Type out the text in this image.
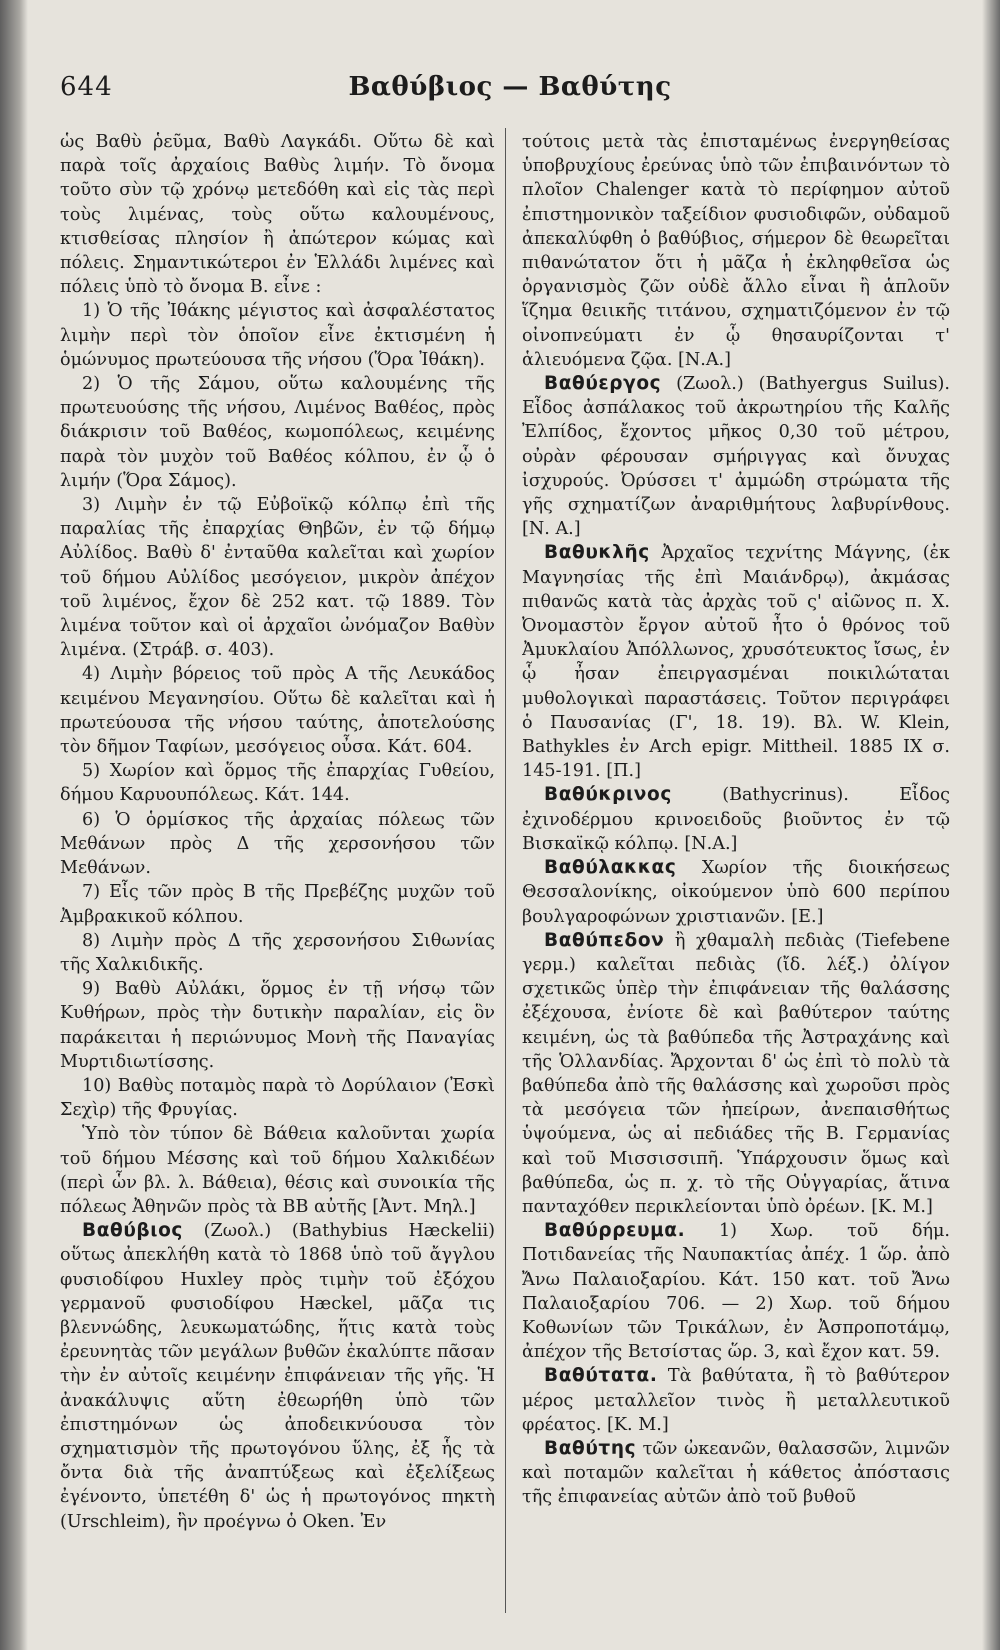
644	Βαθύβιος — Βαθύτης

ὡς Βαθὺ ῥεῦμα, Βαθὺ Λαγκάδι. Οὕτω δὲ καὶ παρὰ τοῖς ἀρχαίοις Βαθὺς λιμήν. Τὸ ὄνομα τοῦτο σὺν τῷ χρόνῳ μετεδόθη καὶ εἰς τὰς περὶ τοὺς λιμένας, τοὺς οὕτω καλουμένους, κτισθείσας πλησίον ἢ ἀπώτερον κώμας καὶ πόλεις. Σημαντικώτεροι ἐν Ἑλλάδι λιμένες καὶ πόλεις ὑπὸ τὸ ὄνομα Β. εἶνε :

1) Ὁ τῆς Ἰθάκης μέγιστος καὶ ἀσφαλέστατος λιμὴν περὶ τὸν ὁποῖον εἶνε ἐκτισμένη ἡ ὁμώνυμος πρωτεύουσα τῆς νήσου (Ὅρα Ἰθάκη).

2) Ὁ τῆς Σάμου, οὕτω καλουμένης τῆς πρωτευούσης τῆς νήσου, Λιμένος Βαθέος, πρὸς διάκρισιν τοῦ Βαθέος, κωμοπόλεως, κειμένης παρὰ τὸν μυχὸν τοῦ Βαθέος κόλπου, ἐν ᾧ ὁ λιμήν (Ὅρα Σάμος).

3) Λιμὴν ἐν τῷ Εὐβοϊκῷ κόλπῳ ἐπὶ τῆς παραλίας τῆς ἐπαρχίας Θηβῶν, ἐν τῷ δήμῳ Αὐλίδος. Βαθὺ δ' ἐνταῦθα καλεῖται καὶ χωρίον τοῦ δήμου Αὐλίδος μεσόγειον, μικρὸν ἀπέχον τοῦ λιμένος, ἔχον δὲ 252 κατ. τῷ 1889. Τὸν λιμένα τοῦτον καὶ οἱ ἀρχαῖοι ὠνόμαζον Βαθὺν λιμένα. (Στράβ. σ. 403).

4) Λιμὴν βόρειος τοῦ πρὸς Α τῆς Λευκάδος κειμένου Μεγανησίου. Οὕτω δὲ καλεῖται καὶ ἡ πρωτεύουσα τῆς νήσου ταύτης, ἀποτελούσης τὸν δῆμον Ταφίων, μεσόγειος οὖσα. Κάτ. 604.

5) Χωρίον καὶ ὅρμος τῆς ἐπαρχίας Γυθείου, δήμου Καρυουπόλεως. Κάτ. 144.

6) Ὁ ὁρμίσκος τῆς ἀρχαίας πόλεως τῶν Μεθάνων πρὸς Δ τῆς χερσονήσου τῶν Μεθάνων.

7) Εἷς τῶν πρὸς Β τῆς Πρεβέζης μυχῶν τοῦ Ἀμβρακικοῦ κόλπου.

8) Λιμὴν πρὸς Δ τῆς χερσονήσου Σιθωνίας τῆς Χαλκιδικῆς.

9) Βαθὺ Αὐλάκι, ὅρμος ἐν τῇ νήσῳ τῶν Κυθήρων, πρὸς τὴν δυτικὴν παραλίαν, εἰς ὃν παράκειται ἡ περιώνυμος Μονὴ τῆς Παναγίας Μυρτιδιωτίσσης.

10) Βαθὺς ποταμὸς παρὰ τὸ Δορύλαιον (Ἐσκὶ Σεχὶρ) τῆς Φρυγίας.

Ὑπὸ τὸν τύπον δὲ Βάθεια καλοῦνται χωρία τοῦ δήμου Μέσσης καὶ τοῦ δήμου Χαλκιδέων (περὶ ὧν βλ. λ. Βάθεια), θέσις καὶ συνοικία τῆς πόλεως Ἀθηνῶν πρὸς τὰ ΒΒ αὐτῆς [Ἀντ. Μηλ.]

Βαθύβιος (Ζωολ.) (Bathybius Hæckelii) οὕτως ἀπεκλήθη κατὰ τὸ 1868 ὑπὸ τοῦ ἄγγλου φυσιοδίφου Huxley πρὸς τιμὴν τοῦ ἐξόχου γερμανοῦ φυσιοδίφου Hæckel, μᾶζα τις βλεννώδης, λευκωματώδης, ἥτις κατὰ τοὺς ἐρευνητὰς τῶν μεγάλων βυθῶν ἐκαλύπτε πᾶσαν τὴν ἐν αὐτοῖς κειμένην ἐπιφάνειαν τῆς γῆς. Ἡ ἀνακάλυψις αὕτη ἐθεωρήθη ὑπὸ τῶν ἐπιστημόνων ὡς ἀποδεικνύουσα τὸν σχηματισμὸν τῆς πρωτογόνου ὕλης, ἐξ ἧς τὰ ὄντα διὰ τῆς ἀναπτύξεως καὶ ἐξελίξεως ἐγένοντο, ὑπετέθη δ' ὡς ἡ πρωτογόνος πηκτὴ (Urschleim), ἣν προέγνω ὁ Oken. Ἐν

τούτοις μετὰ τὰς ἐπισταμένως ἐνεργηθείσας ὑποβρυχίους ἐρεύνας ὑπὸ τῶν ἐπιβαινόντων τὸ πλοῖον Chalenger κατὰ τὸ περίφημον αὐτοῦ ἐπιστημονικὸν ταξείδιον φυσιοδιφῶν, οὐδαμοῦ ἀπεκαλύφθη ὁ βαθύβιος, σήμερον δὲ θεωρεῖται πιθανώτατον ὅτι ἡ μᾶζα ἡ ἐκληφθεῖσα ὡς ὀργανισμὸς ζῶν οὐδὲ ἄλλο εἶναι ἢ ἁπλοῦν ἵζημα θειικῆς τιτάνου, σχηματιζόμενον ἐν τῷ οἰνοπνεύματι ἐν ᾧ θησαυρίζονται τ' ἁλιευόμενα ζῷα. [Ν.Α.]

Βαθύεργος (Ζωολ.) (Bathyergus Suilus). Εἶδος ἀσπάλακος τοῦ ἀκρωτηρίου τῆς Καλῆς Ἐλπίδος, ἔχοντος μῆκος 0,30 τοῦ μέτρου, οὐρὰν φέρουσαν σμήριγγας καὶ ὄνυχας ἰσχυρούς. Ὀρύσσει τ' ἀμμώδη στρώματα τῆς γῆς σχηματίζων ἀναριθμήτους λαβυρίνθους. [Ν. Α.]

Βαθυκλῆς Ἀρχαῖος τεχνίτης Μάγνης, (ἐκ Μαγνησίας τῆς ἐπὶ Μαιάνδρῳ), ἀκμάσας πιθανῶς κατὰ τὰς ἀρχὰς τοῦ ς' αἰῶνος π. Χ. Ὀνομαστὸν ἔργον αὐτοῦ ἦτο ὁ θρόνος τοῦ Ἀμυκλαίου Ἀπόλλωνος, χρυσότευκτος ἴσως, ἐν ᾧ ἦσαν ἐπειργασμέναι ποικιλώταται μυθολογικαὶ παραστάσεις. Τοῦτον περιγράφει ὁ Παυσανίας (Γ', 18. 19). Βλ. W. Klein, Bathykles ἐν Arch epigr. Mittheil. 1885 IX σ. 145-191. [Π.]

Βαθύκρινος	(Bathycrinus). Εἶδος ἐχινοδέρμου κρινοειδοῦς βιοῦντος ἐν τῷ Βισκαϊκῷ κόλπῳ. [Ν.Α.]

Βαθύλακκας Χωρίον τῆς διοικήσεως Θεσσαλονίκης, οἰκούμενον ὑπὸ 600 περίπου βουλγαροφώνων χριστιανῶν. [Ε.]

Βαθύπεδον ἢ χθαμαλὴ πεδιὰς (Tiefebene γερμ.) καλεῖται πεδιὰς (ἴδ. λέξ.) ὀλίγον σχετικῶς ὑπὲρ τὴν ἐπιφάνειαν τῆς θαλάσσης ἐξέχουσα, ἐνίοτε δὲ καὶ βαθύτερον ταύτης κειμένη, ὡς τὰ βαθύπεδα τῆς Ἀστραχάνης καὶ τῆς Ὁλλανδίας. Ἄρχονται δ' ὡς ἐπὶ τὸ πολὺ τὰ βαθύπεδα ἀπὸ τῆς θαλάσσης καὶ χωροῦσι πρὸς τὰ μεσόγεια τῶν ἠπείρων, ἀνεπαισθήτως ὑψούμενα, ὡς αἱ πεδιάδες τῆς Β. Γερμανίας καὶ τοῦ Μισσισσιπῆ. Ὑπάρχουσιν ὅμως καὶ βαθύπεδα, ὡς π. χ. τὸ τῆς Οὑγγαρίας, ἅτινα πανταχόθεν περικλείονται ὑπὸ ὀρέων. [Κ. Μ.]

Βαθύρρευμα. 1) Χωρ. τοῦ δήμ. Ποτιδανείας τῆς Ναυπακτίας ἀπέχ. 1 ὥρ. ἀπὸ Ἄνω Παλαιοξαρίου. Κάτ. 150 κατ. τοῦ Ἄνω Παλαιοξαρίου 706. — 2) Χωρ. τοῦ δήμου Κοθωνίων τῶν Τρικάλων, ἐν Ἀσπροποτάμῳ, ἀπέχον τῆς Βετσίστας ὥρ. 3, καὶ ἔχον κατ. 59.

Βαθύτατα. Τὰ βαθύτατα, ἢ τὸ βαθύτερον μέρος μεταλλεῖον τινὸς ἢ μεταλλευτικοῦ φρέατος. [Κ. Μ.]

Βαθύτης τῶν ὠκεανῶν, θαλασσῶν, λιμνῶν καὶ ποταμῶν καλεῖται ἡ κάθετος ἀπόστασις τῆς ἐπιφανείας αὐτῶν ἀπὸ τοῦ βυθοῦ
